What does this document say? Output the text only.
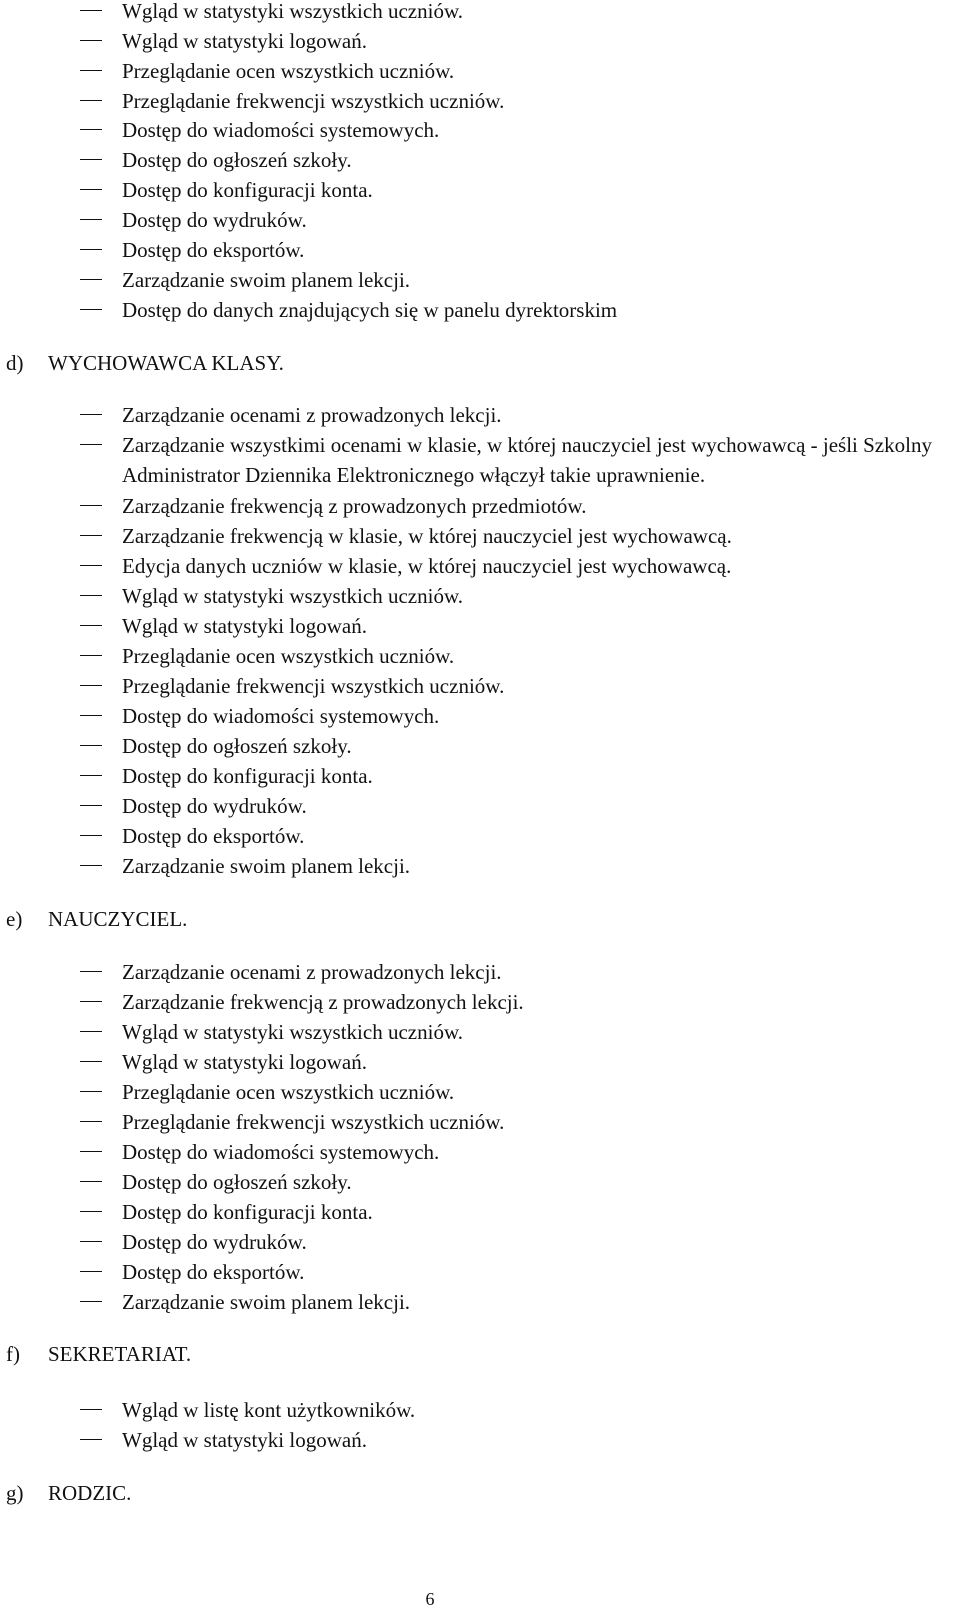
Wgląd w statystyki wszystkich uczniów.
Wgląd w statystyki logowań.
Przeglądanie ocen wszystkich uczniów.
Przeglądanie frekwencji wszystkich uczniów.
Dostęp do wiadomości systemowych.
Dostęp do ogłoszeń szkoły.
Dostęp do konfiguracji konta.
Dostęp do wydruków.
Dostęp do eksportów.
Zarządzanie swoim planem lekcji.
Dostęp do danych znajdujących się w panelu dyrektorskim
d) WYCHOWAWCA KLASY.
Zarządzanie ocenami z prowadzonych lekcji.
Zarządzanie wszystkimi ocenami w klasie, w której nauczyciel jest wychowawcą - jeśli Szkolny Administrator Dziennika Elektronicznego włączył takie uprawnienie.
Zarządzanie frekwencją z prowadzonych przedmiotów.
Zarządzanie frekwencją w klasie, w której nauczyciel jest wychowawcą.
Edycja danych uczniów w klasie, w której nauczyciel jest wychowawcą.
Wgląd w statystyki wszystkich uczniów.
Wgląd w statystyki logowań.
Przeglądanie ocen wszystkich uczniów.
Przeglądanie frekwencji wszystkich uczniów.
Dostęp do wiadomości systemowych.
Dostęp do ogłoszeń szkoły.
Dostęp do konfiguracji konta.
Dostęp do wydruków.
Dostęp do eksportów.
Zarządzanie swoim planem lekcji.
e) NAUCZYCIEL.
Zarządzanie ocenami z prowadzonych lekcji.
Zarządzanie frekwencją z prowadzonych lekcji.
Wgląd w statystyki wszystkich uczniów.
Wgląd w statystyki logowań.
Przeglądanie ocen wszystkich uczniów.
Przeglądanie frekwencji wszystkich uczniów.
Dostęp do wiadomości systemowych.
Dostęp do ogłoszeń szkoły.
Dostęp do konfiguracji konta.
Dostęp do wydruków.
Dostęp do eksportów.
Zarządzanie swoim planem lekcji.
f) SEKRETARIAT.
Wgląd w listę kont użytkowników.
Wgląd w statystyki logowań.
g) RODZIC.
6
